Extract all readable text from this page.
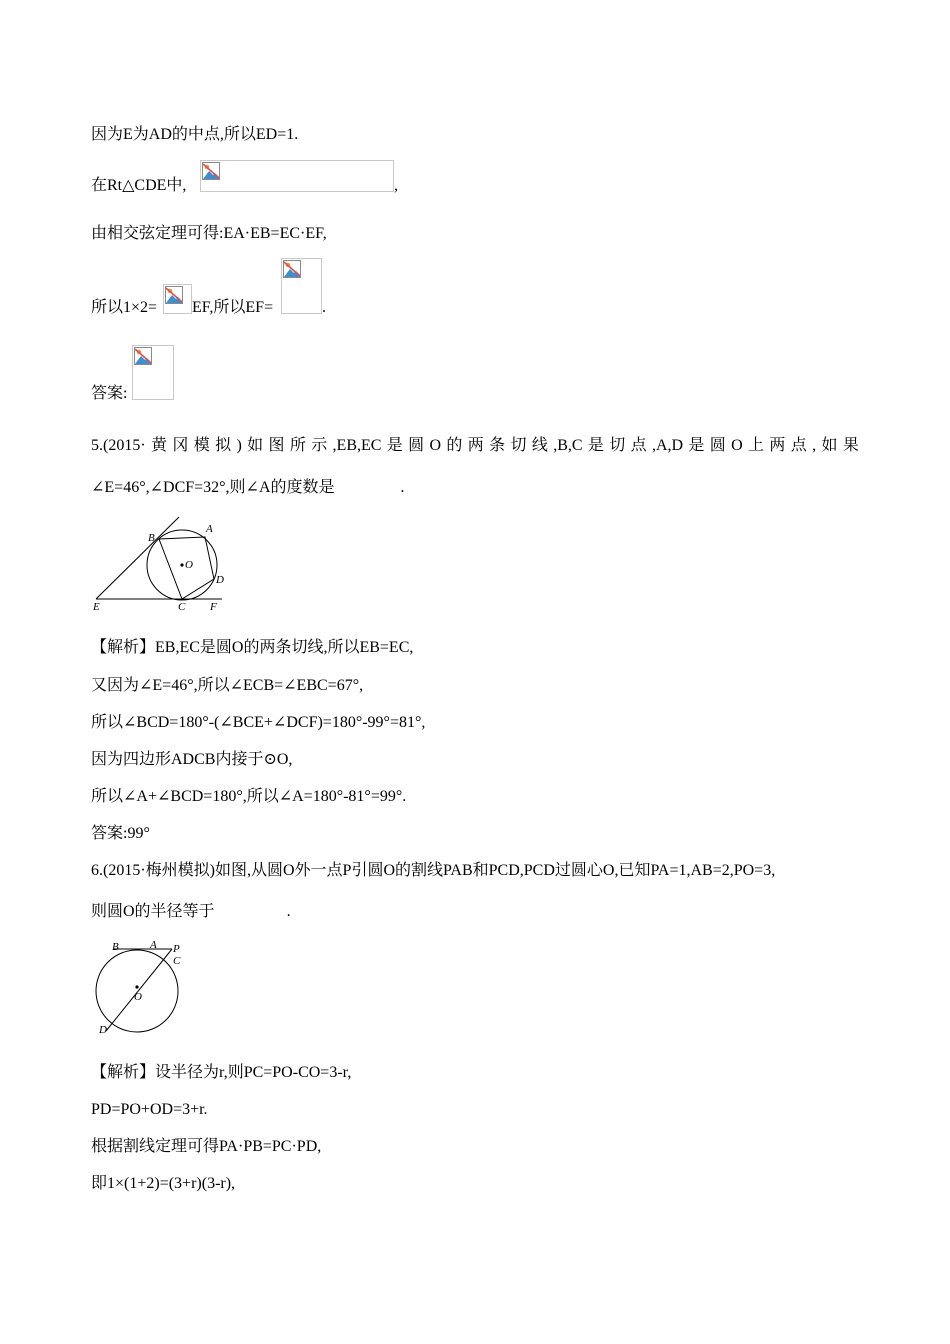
因为E为AD的中点,所以ED=1.
在Rt△CDE中,	,
由相交弦定理可得:EA·EB=EC·EF,
所以1×2= EF,所以EF=	.
答案:
5.(2015· 黄 冈 模 拟 ) 如 图 所 示 ,EB,EC 是 圆 O 的 两 条 切 线 ,B,C 是 切 点 ,A,D 是 圆 O 上 两 点 , 如 果
∠E=46°,∠DCF=32°,则∠A的度数是	.
B
A
D
O
E	C F
【解析】EB,EC是圆O的两条切线,所以EB=EC,
又因为∠E=46°,所以∠ECB=∠EBC=67°,
所以∠BCD=180°-(∠BCE+∠DCF)=180°-99°=81°,
因为四边形ADCB内接于⊙O,
所以∠A+∠BCD=180°,所以∠A=180°-81°=99°.
答案:99°
6.(2015·梅州模拟)如图,从圆O外一点P引圆O的割线PAB和PCD,PCD过圆心O,已知PA=1,AB=2,PO=3,
则圆O的半径等于	.
B	A P
C
O
D
【解析】设半径为r,则PC=PO-CO=3-r,
PD=PO+OD=3+r.
根据割线定理可得PA·PB=PC·PD,
即1×(1+2)=(3+r)(3-r),
